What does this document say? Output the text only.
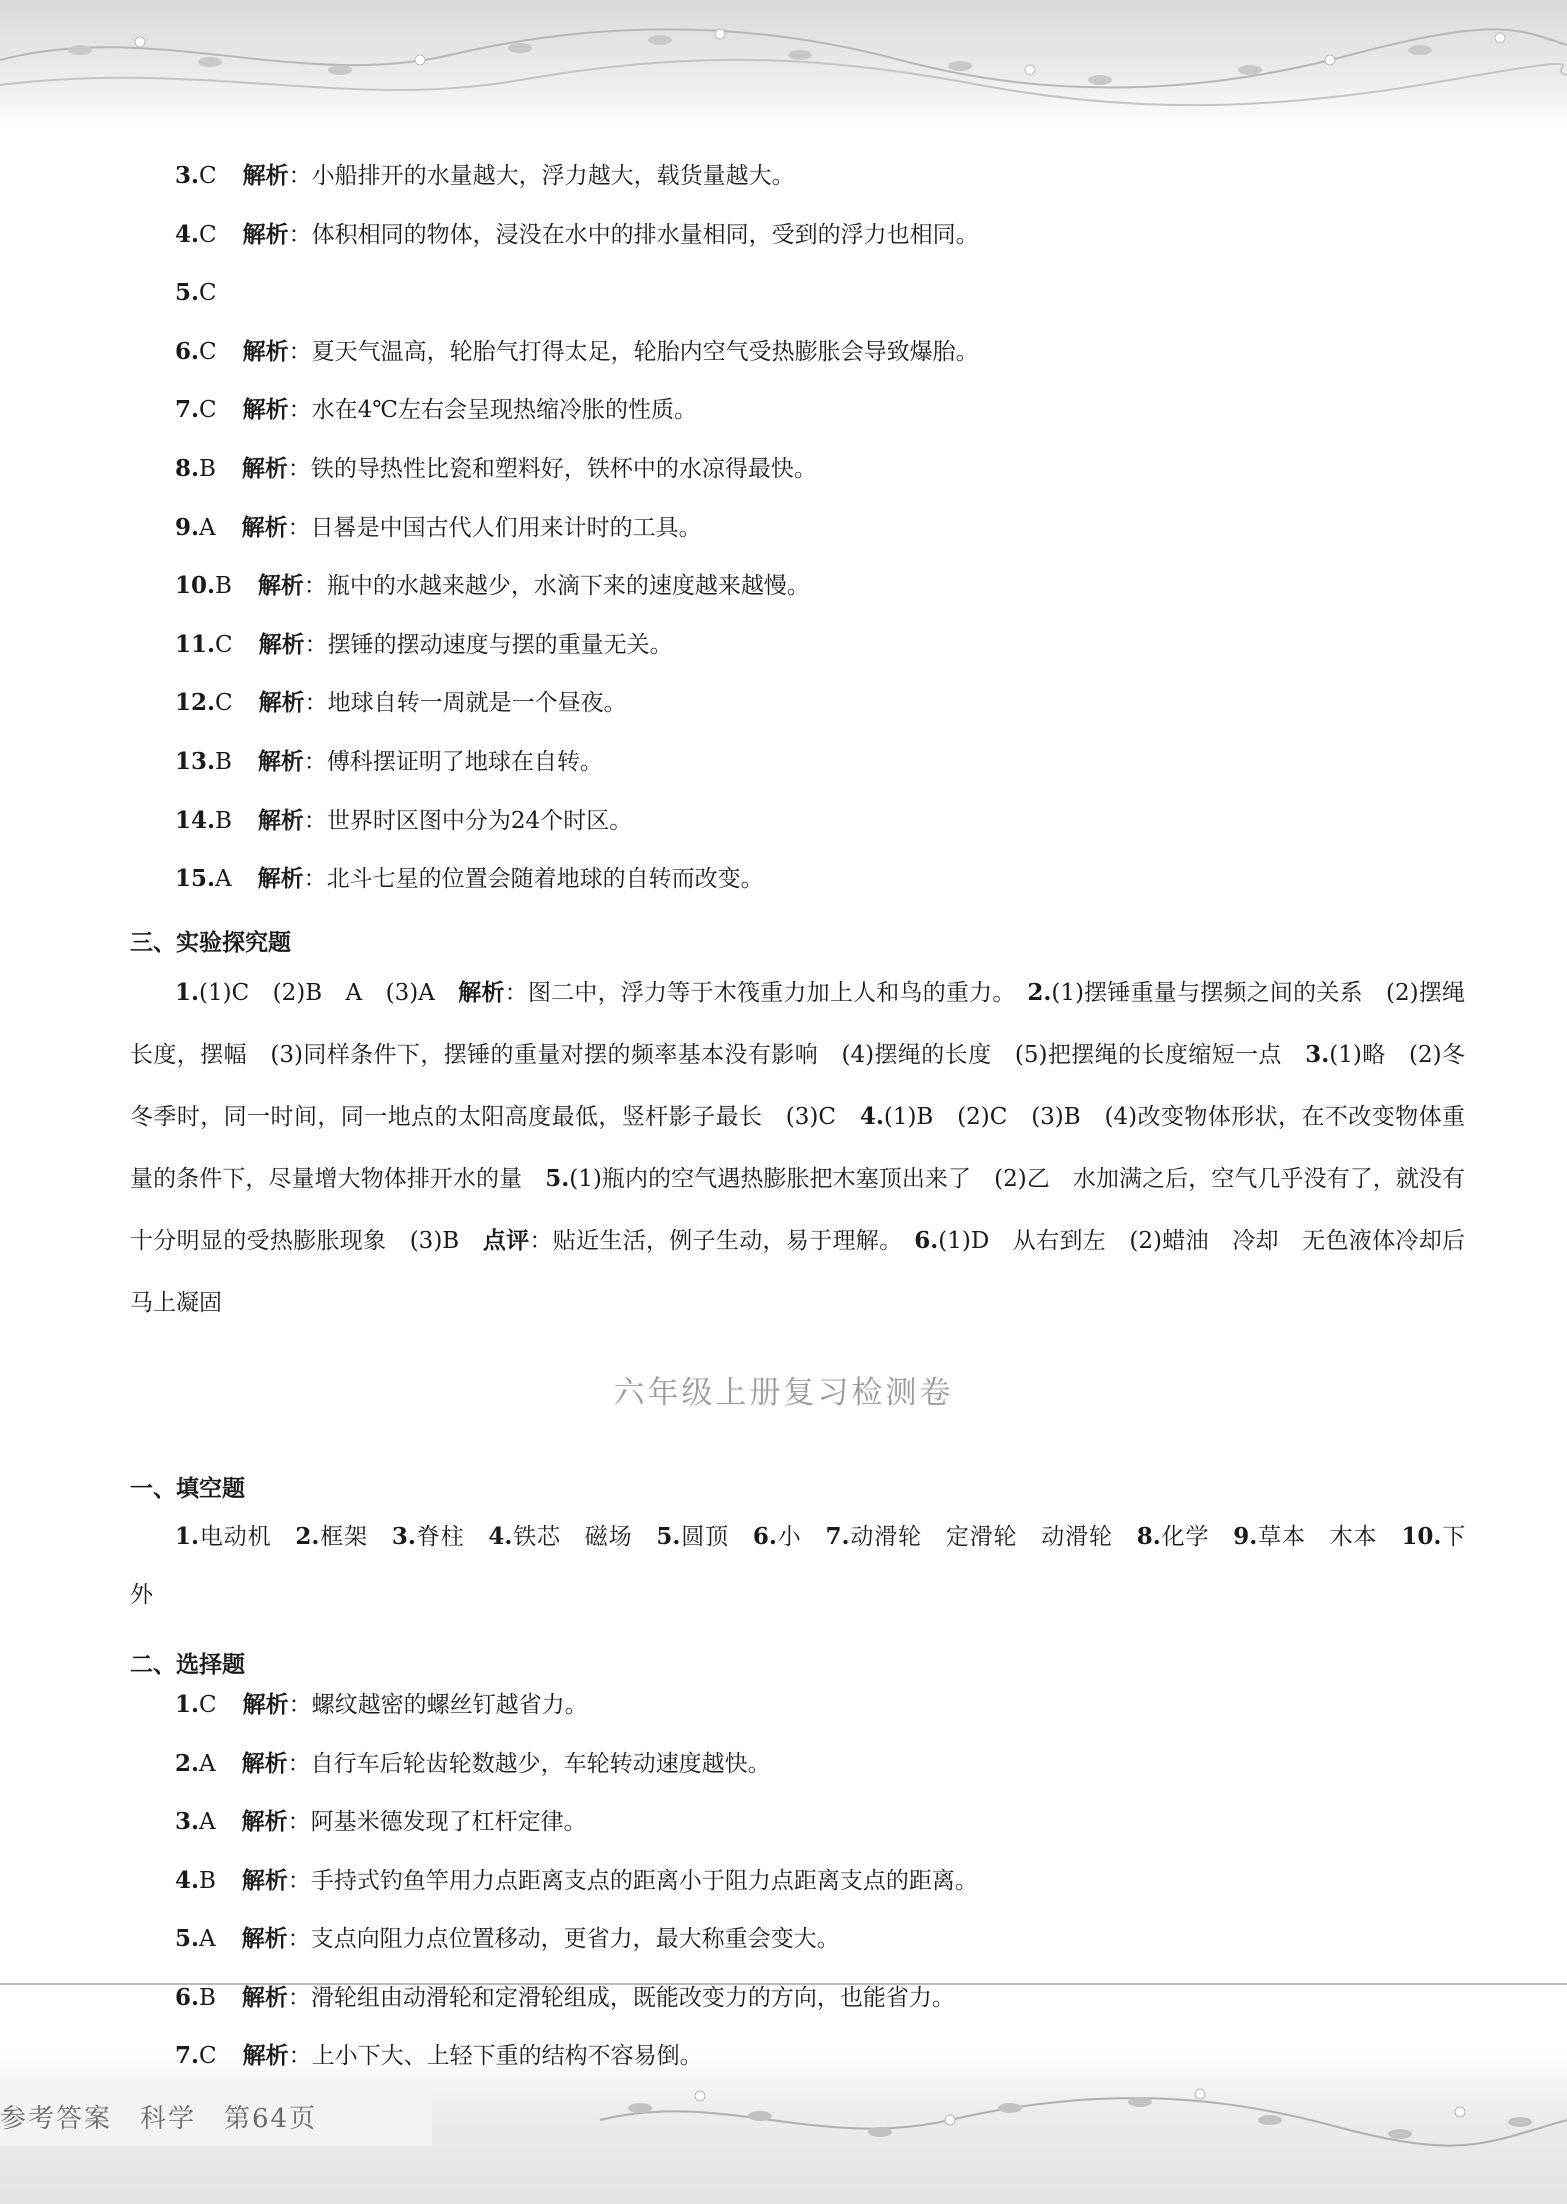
参考答案　科学　第64页
3.C 解析：小船排开的水量越大，浮力越大，载货量越大。
4.C 解析：体积相同的物体，浸没在水中的排水量相同，受到的浮力也相同。
5.C
6.C 解析：夏天气温高，轮胎气打得太足，轮胎内空气受热膨胀会导致爆胎。
7.C 解析：水在4℃左右会呈现热缩冷胀的性质。
8.B 解析：铁的导热性比瓷和塑料好，铁杯中的水凉得最快。
9.A 解析：日晷是中国古代人们用来计时的工具。
10.B 解析：瓶中的水越来越少，水滴下来的速度越来越慢。
11.C 解析：摆锤的摆动速度与摆的重量无关。
12.C 解析：地球自转一周就是一个昼夜。
13.B 解析：傅科摆证明了地球在自转。
14.B 解析：世界时区图中分为24个时区。
15.A 解析：北斗七星的位置会随着地球的自转而改变。
三、实验探究题
1.(1)C　(2)B　A　(3)A　 解析：图二中，浮力等于木筏重力加上人和鸟的重力。　 2.(1)摆锤重量与摆频之间的关系　(2)摆绳长度，摆幅　(3)同样条件下，摆锤的重量对摆的频率基本没有影响　(4)摆绳的长度　(5)把摆绳的长度缩短一点　 3.(1)略　(2)冬　冬季时，同一时间，同一地点的太阳高度最低，竖杆影子最长　(3)C　 4.(1)B　(2)C　(3)B　(4)改变物体形状，在不改变物体重量的条件下，尽量增大物体排开水的量　 5.(1)瓶内的空气遇热膨胀把木塞顶出来了　(2)乙　水加满之后，空气几乎没有了，就没有十分明显的受热膨胀现象　(3)B　 点评：贴近生活，例子生动，易于理解。　 6.(1)D　从右到左　(2)蜡油　冷却　无色液体冷却后马上凝固
六年级上册复习检测卷
一、填空题
1.电动机　 2.框架　 3.脊柱　 4.铁芯　磁场　 5.圆顶　 6.小　 7.动滑轮　定滑轮　动滑轮　 8.化学　 9.草本　木本　 10.下　外
二、选择题
1.C 解析：螺纹越密的螺丝钉越省力。
2.A 解析：自行车后轮齿轮数越少，车轮转动速度越快。
3.A 解析：阿基米德发现了杠杆定律。
4.B 解析：手持式钓鱼竿用力点距离支点的距离小于阻力点距离支点的距离。
5.A 解析：支点向阻力点位置移动，更省力，最大称重会变大。
6.B 解析：滑轮组由动滑轮和定滑轮组成，既能改变力的方向，也能省力。
7.C 解析：上小下大、上轻下重的结构不容易倒。
